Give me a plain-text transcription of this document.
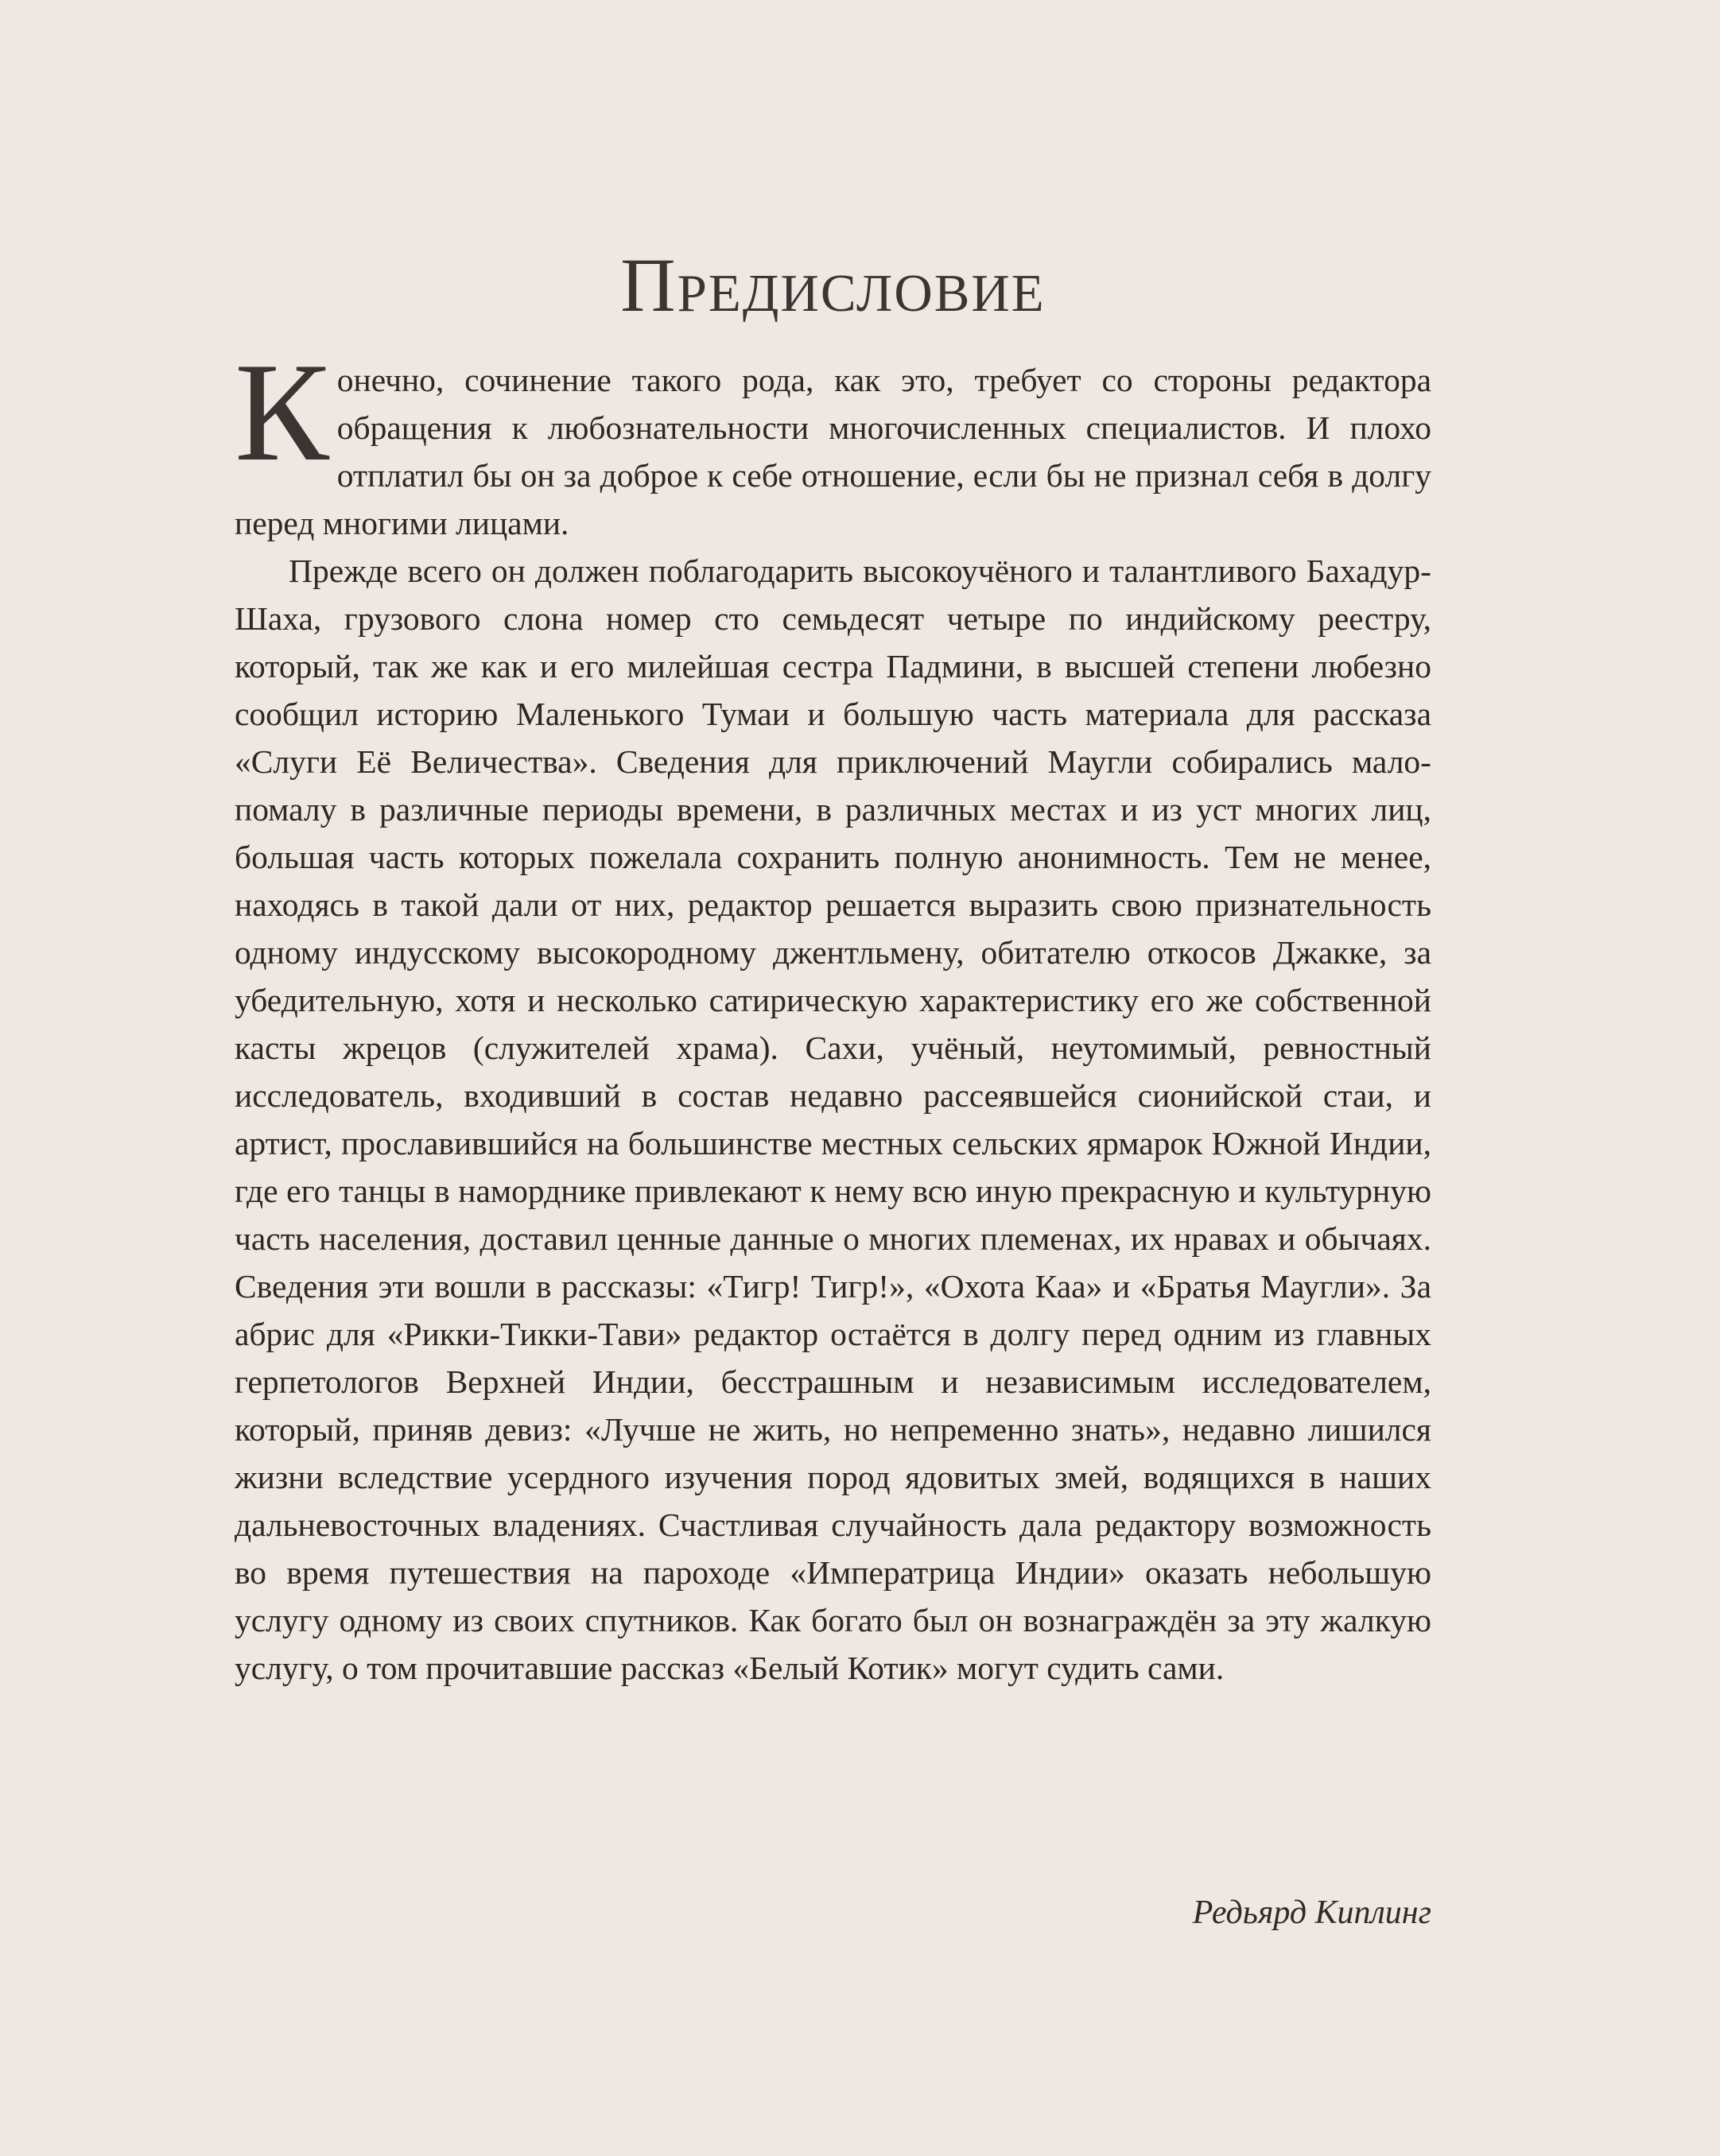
Предисловие

Конечно, сочинение такого рода, как это, требует со стороны редактора обращения к любознательности многочисленных специалистов. И плохо отплатил бы он за доброе к себе отношение, если бы не признал себя в долгу перед многими лицами.

Прежде всего он должен поблагодарить высокоучёного и талантливого Бахадур-Шаха, грузового слона номер сто семьдесят четыре по индийскому реестру, который, так же как и его милейшая сестра Падмини, в высшей степени любезно сообщил историю Маленького Тумаи и большую часть материала для рассказа «Слуги Её Величества». Сведения для приключений Маугли собирались мало-помалу в различные периоды времени, в различных местах и из уст многих лиц, большая часть которых пожелала сохранить полную анонимность. Тем не менее, находясь в такой дали от них, редактор решается выразить свою признательность одному индусскому высокородному джентльмену, обитателю откосов Джакке, за убедительную, хотя и несколько сатирическую характеристику его же собственной касты жрецов (служителей храма). Сахи, учёный, неутомимый, ревностный исследователь, входивший в состав недавно рассеявшейся сионийской стаи, и артист, прославившийся на большинстве местных сельских ярмарок Южной Индии, где его танцы в наморднике привлекают к нему всю иную прекрасную и культурную часть населения, доставил ценные данные о многих племенах, их нравах и обычаях. Сведения эти вошли в рассказы: «Тигр! Тигр!», «Охота Каа» и «Братья Маугли». За абрис для «Рикки-Тикки-Тави» редактор остаётся в долгу перед одним из главных герпетологов Верхней Индии, бесстрашным и независимым исследователем, который, приняв девиз: «Лучше не жить, но непременно знать», недавно лишился жизни вследствие усердного изучения пород ядовитых змей, водящихся в наших дальневосточных владениях. Счастливая случайность дала редактору возможность во время путешествия на пароходе «Императрица Индии» оказать небольшую услугу одному из своих спутников. Как богато был он вознаграждён за эту жалкую услугу, о том прочитавшие рассказ «Белый Котик» могут судить сами.

Редьярд Киплинг
